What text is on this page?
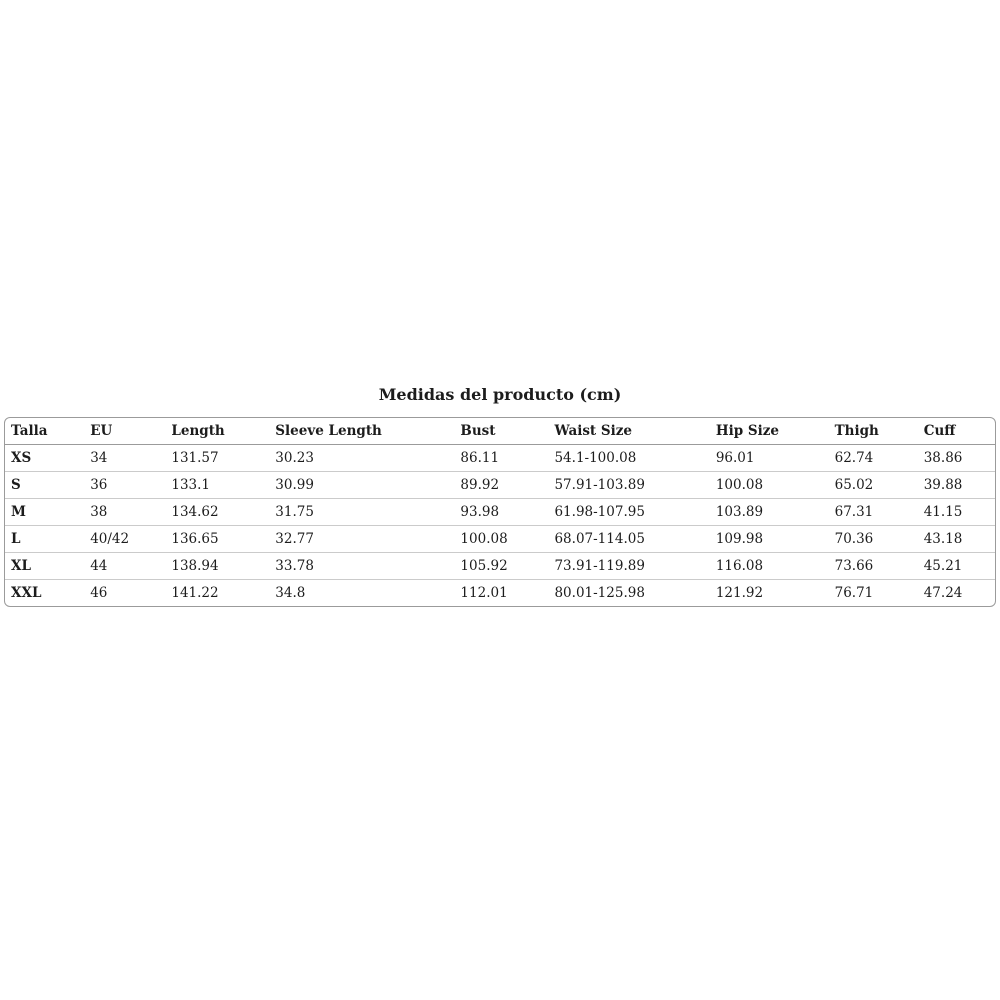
Medidas del producto (cm)
Talla	EU	Length	Sleeve Length	Bust	Waist Size	Hip Size	Thigh	Cuff
XS	34	131.57	30.23	86.11	54.1-100.08	96.01	62.74	38.86
S	36	133.1	30.99	89.92	57.91-103.89	100.08	65.02	39.88
M	38	134.62	31.75	93.98	61.98-107.95	103.89	67.31	41.15
L	40/42	136.65	32.77	100.08	68.07-114.05	109.98	70.36	43.18
XL	44	138.94	33.78	105.92	73.91-119.89	116.08	73.66	45.21
XXL	46	141.22	34.8	112.01	80.01-125.98	121.92	76.71	47.24
